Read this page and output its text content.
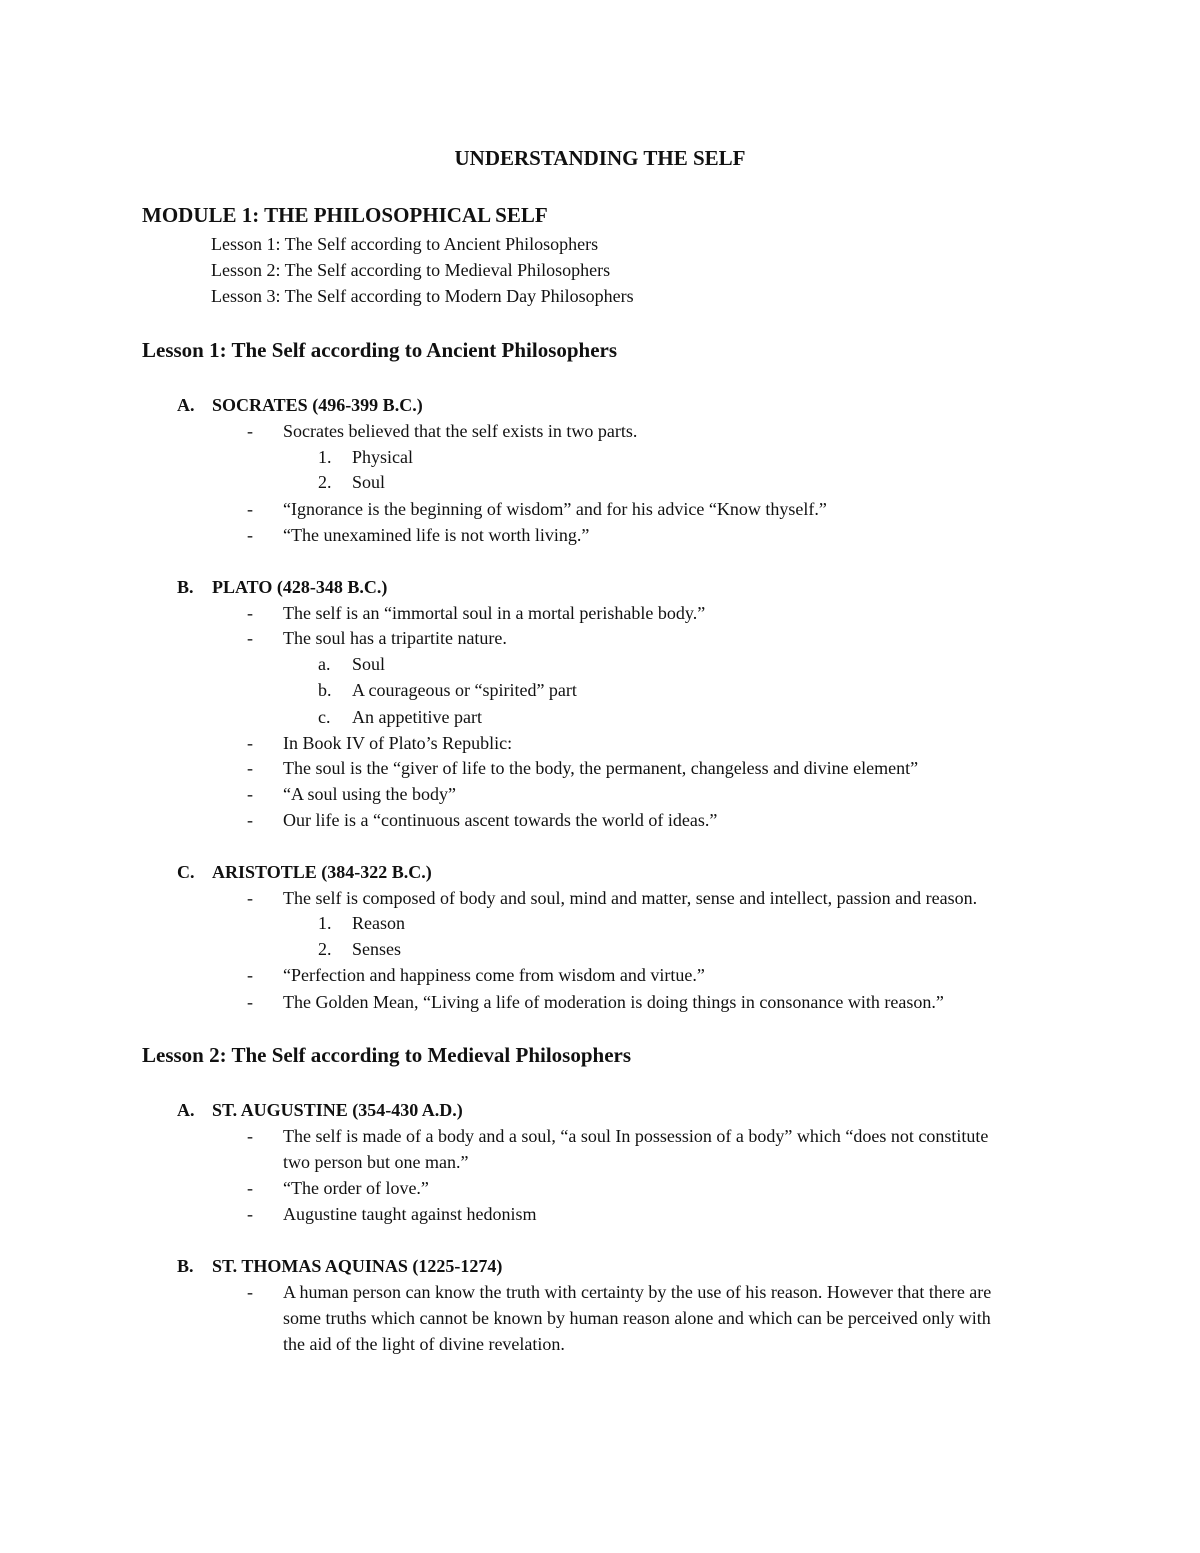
UNDERSTANDING THE SELF
MODULE 1: THE PHILOSOPHICAL SELF
Lesson 1: The Self according to Ancient Philosophers
Lesson 2: The Self according to Medieval Philosophers
Lesson 3: The Self according to Modern Day Philosophers
Lesson 1: The Self according to Ancient Philosophers
A. SOCRATES (496-399 B.C.)
- Socrates believed that the self exists in two parts.
1. Physical
2. Soul
- “Ignorance is the beginning of wisdom” and for his advice “Know thyself.”
- “The unexamined life is not worth living.”
B. PLATO (428-348 B.C.)
- The self is an “immortal soul in a mortal perishable body.”
- The soul has a tripartite nature.
a. Soul
b. A courageous or “spirited” part
c. An appetitive part
- In Book IV of Plato’s Republic:
- The soul is the “giver of life to the body, the permanent, changeless and divine element”
- “A soul using the body”
- Our life is a “continuous ascent towards the world of ideas.”
C. ARISTOTLE (384-322 B.C.)
- The self is composed of body and soul, mind and matter, sense and intellect, passion and reason.
1. Reason
2. Senses
- “Perfection and happiness come from wisdom and virtue.”
- The Golden Mean, “Living a life of moderation is doing things in consonance with reason.”
Lesson 2: The Self according to Medieval Philosophers
A. ST. AUGUSTINE (354-430 A.D.)
- The self is made of a body and a soul, “a soul In possession of a body” which “does not constitute
two person but one man.”
- “The order of love.”
- Augustine taught against hedonism
B. ST. THOMAS AQUINAS (1225-1274)
- A human person can know the truth with certainty by the use of his reason. However that there are
some truths which cannot be known by human reason alone and which can be perceived only with
the aid of the light of divine revelation.
